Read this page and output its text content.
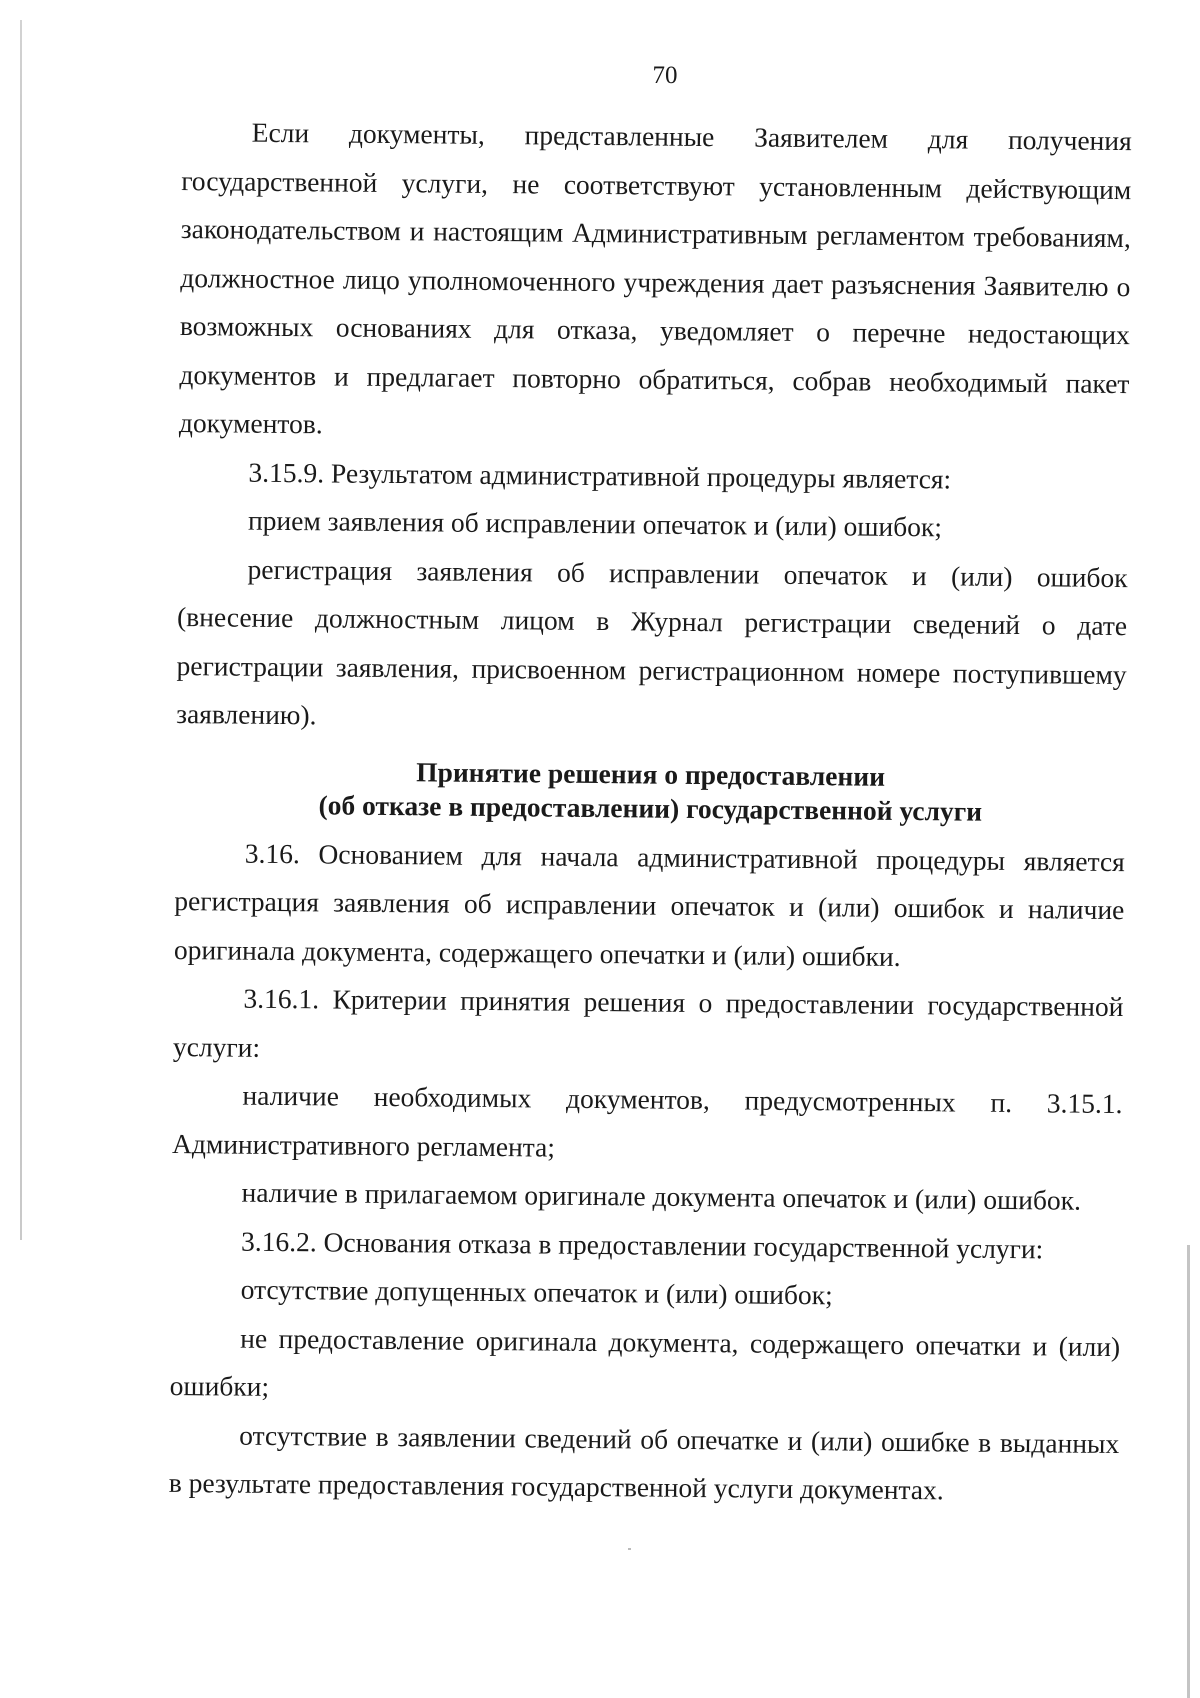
70

Если документы, представленные Заявителем для получения государственной услуги, не соответствуют установленным действующим законодательством и настоящим Административным регламентом требованиям, должностное лицо уполномоченного учреждения дает разъяснения Заявителю о возможных основаниях для отказа, уведомляет о перечне недостающих документов и предлагает повторно обратиться, собрав необходимый пакет документов.

3.15.9. Результатом административной процедуры является:

прием заявления об исправлении опечаток и (или) ошибок;

регистрация заявления об исправлении опечаток и (или) ошибок (внесение должностным лицом в Журнал регистрации сведений о дате регистрации заявления, присвоенном регистрационном номере поступившему заявлению).

Принятие решения о предоставлении
(об отказе в предоставлении) государственной услуги

3.16. Основанием для начала административной процедуры является регистрация заявления об исправлении опечаток и (или) ошибок и наличие оригинала документа, содержащего опечатки и (или) ошибки.

3.16.1. Критерии принятия решения о предоставлении государственной услуги:

наличие необходимых документов, предусмотренных п. 3.15.1. Административного регламента;

наличие в прилагаемом оригинале документа опечаток и (или) ошибок.

3.16.2. Основания отказа в предоставлении государственной услуги:

отсутствие допущенных опечаток и (или) ошибок;

не предоставление оригинала документа, содержащего опечатки и (или) ошибки;

отсутствие в заявлении сведений об опечатке и (или) ошибке в выданных в результате предоставления государственной услуги документах.
